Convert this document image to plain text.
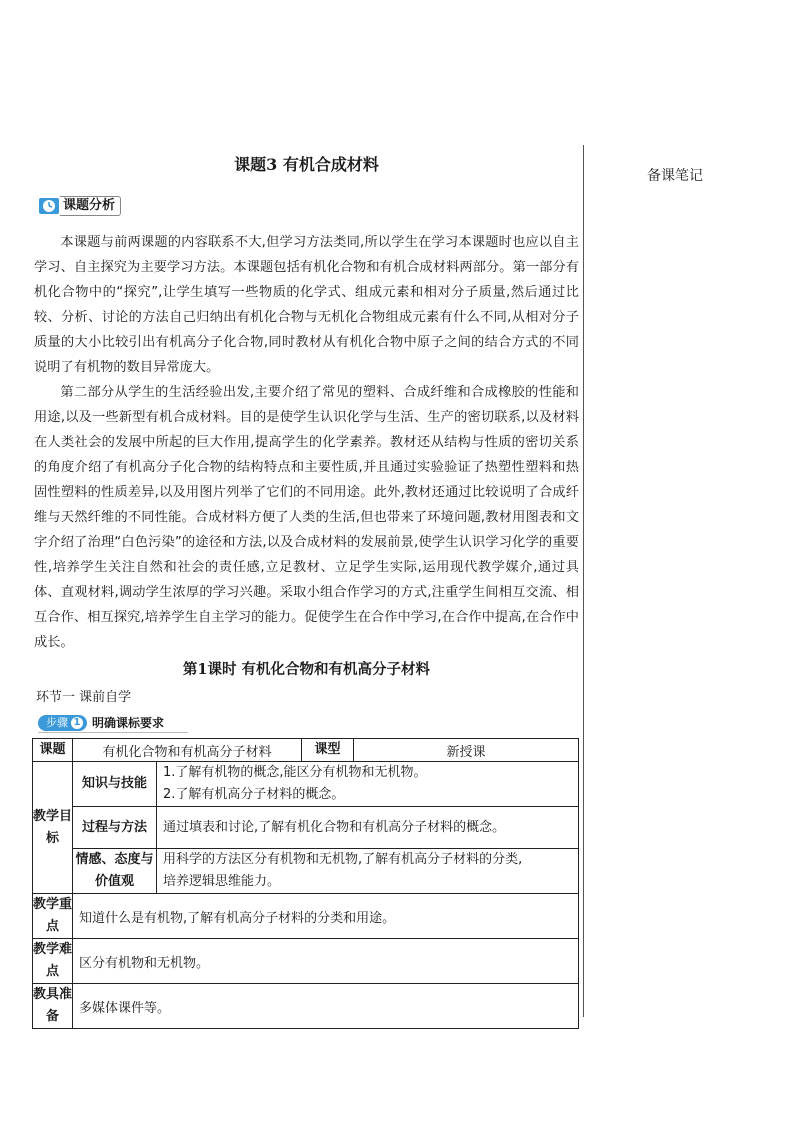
备课笔记
课题3 有机合成材料
课题分析

本课题与前两课题的内容联系不大,但学习方法类同,所以学生在学习本课题时也应以自主学习、自主探究为主要学习方法。本课题包括有机化合物和有机合成材料两部分。第一部分有机化合物中的“探究”,让学生填写一些物质的化学式、组成元素和相对分子质量,然后通过比较、分析、讨论的方法自己归纳出有机化合物与无机化合物组成元素有什么不同,从相对分子质量的大小比较引出有机高分子化合物,同时教材从有机化合物中原子之间的结合方式的不同说明了有机物的数目异常庞大。

第二部分从学生的生活经验出发,主要介绍了常见的塑料、合成纤维和合成橡胶的性能和用途,以及一些新型有机合成材料。目的是使学生认识化学与生活、生产的密切联系,以及材料在人类社会的发展中所起的巨大作用,提高学生的化学素养。教材还从结构与性质的密切关系的角度介绍了有机高分子化合物的结构特点和主要性质,并且通过实验验证了热塑性塑料和热固性塑料的性质差异,以及用图片列举了它们的不同用途。此外,教材还通过比较说明了合成纤维与天然纤维的不同性能。合成材料方便了人类的生活,但也带来了环境问题,教材用图表和文字介绍了治理“白色污染”的途径和方法,以及合成材料的发展前景,使学生认识学习化学的重要性,培养学生关注自然和社会的责任感,立足教材、立足学生实际,运用现代教学媒介,通过具体、直观材料,调动学生浓厚的学习兴趣。采取小组合作学习的方式,注重学生间相互交流、相互合作、相互探究,培养学生自主学习的能力。促使学生在合作中学习,在合作中提高,在合作中成长。

第1课时 有机化合物和有机高分子材料
环节一 课前自学
步骤 1 明确课标要求
课题	有机化合物和有机高分子材料		课型	新授课
教学目标	知识与技能	1.了解有机物的概念,能区分有机物和无机物。
2.了解有机高分子材料的概念。		

	过程与方法	通过填表和讨论,了解有机化合物和有机高分子材料的概念。		

	情感、态度与价值观	用科学的方法区分有机物和无机物,了解有机高分子材料的分类,
培养逻辑思维能力。		

教学重点	知道什么是有机物,了解有机高分子材料的分类和用途。			
教学难点	区分有机物和无机物。			
教具准备	多媒体课件等。			
